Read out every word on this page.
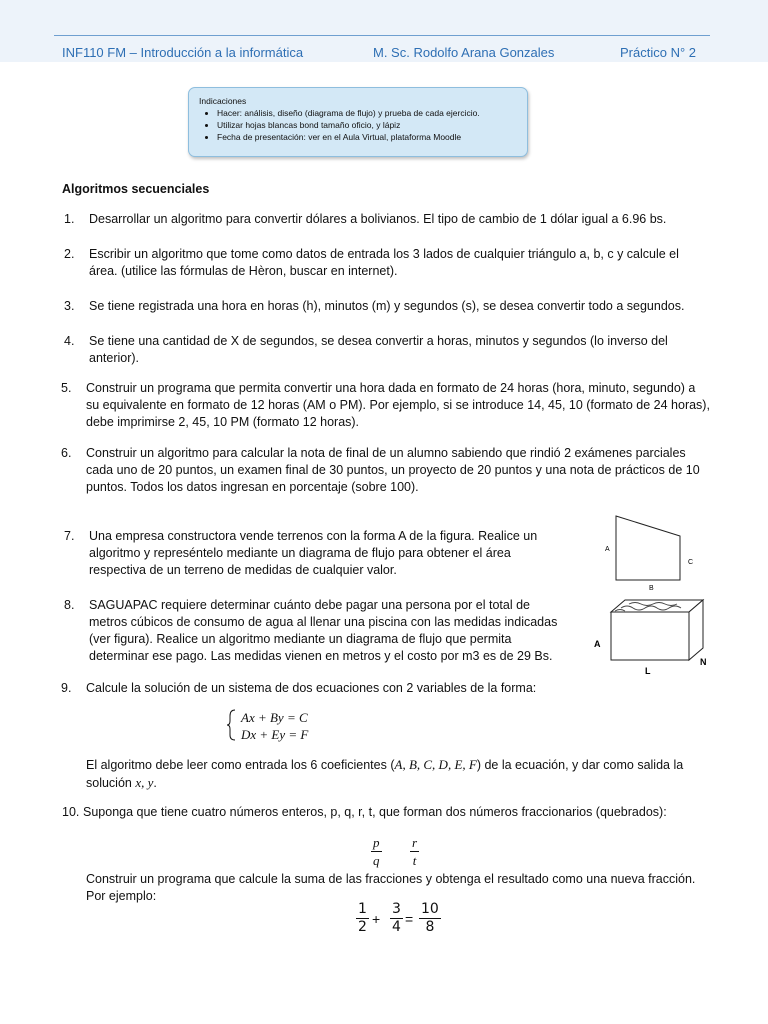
INF110 FM – Introducción a la informática	M. Sc. Rodolfo Arana Gonzales	Práctico N° 2
Indicaciones
• Hacer: análisis, diseño (diagrama de flujo) y prueba de cada ejercicio.
• Utilizar hojas blancas bond tamaño oficio, y lápiz
• Fecha de presentación: ver en el Aula Virtual, plataforma Moodle
Algoritmos secuenciales
1. Desarrollar un algoritmo para convertir dólares a bolivianos. El tipo de cambio de 1 dólar igual a 6.96 bs.
2. Escribir un algoritmo que tome como datos de entrada los 3 lados de cualquier triángulo a, b, c y calcule el área. (utilice las fórmulas de Hèron, buscar en internet).
3. Se tiene registrada una hora en horas (h), minutos (m) y segundos (s), se desea convertir todo a segundos.
4. Se tiene una cantidad de X de segundos, se desea convertir a horas, minutos y segundos (lo inverso del anterior).
5. Construir un programa que permita convertir una hora dada en formato de 24 horas (hora, minuto, segundo) a su equivalente en formato de 12 horas (AM o PM). Por ejemplo, si se introduce 14, 45, 10 (formato de 24 horas), debe imprimirse 2, 45, 10 PM (formato 12 horas).
6. Construir un algoritmo para calcular la nota de final de un alumno sabiendo que rindió 2 exámenes parciales cada uno de 20 puntos, un examen final de 30 puntos, un proyecto de 20 puntos y una nota de prácticos de 10 puntos. Todos los datos ingresan en porcentaje (sobre 100).
7. Una empresa constructora vende terrenos con la forma A de la figura. Realice un algoritmo y represéntelo mediante un diagrama de flujo para obtener el área respectiva de un terreno de medidas de cualquier valor.
A
B
C
8. SAGUAPAC requiere determinar cuánto debe pagar una persona por el total de metros cúbicos de consumo de agua al llenar una piscina con las medidas indicadas (ver figura). Realice un algoritmo mediante un diagrama de flujo que permita determinar ese pago. Las medidas vienen en metros y el costo por m3 es de 29 Bs.
A
L
N
9. Calcule la solución de un sistema de dos ecuaciones con 2 variables de la forma:
Ax + By = C
Dx + Ey = F
El algoritmo debe leer como entrada los 6 coeficientes (A, B, C, D, E, F) de la ecuación, y dar como salida la solución x, y.
10. Suponga que tiene cuatro números enteros, p, q, r, t, que forman dos números fraccionarios (quebrados):
$\frac{p}{q} \frac{r}{t}$
Construir un programa que calcule la suma de las fracciones y obtenga el resultado como una nueva fracción. Por ejemplo:
$\frac{1}{2} + \frac{3}{4} = \frac{10}{8}$
